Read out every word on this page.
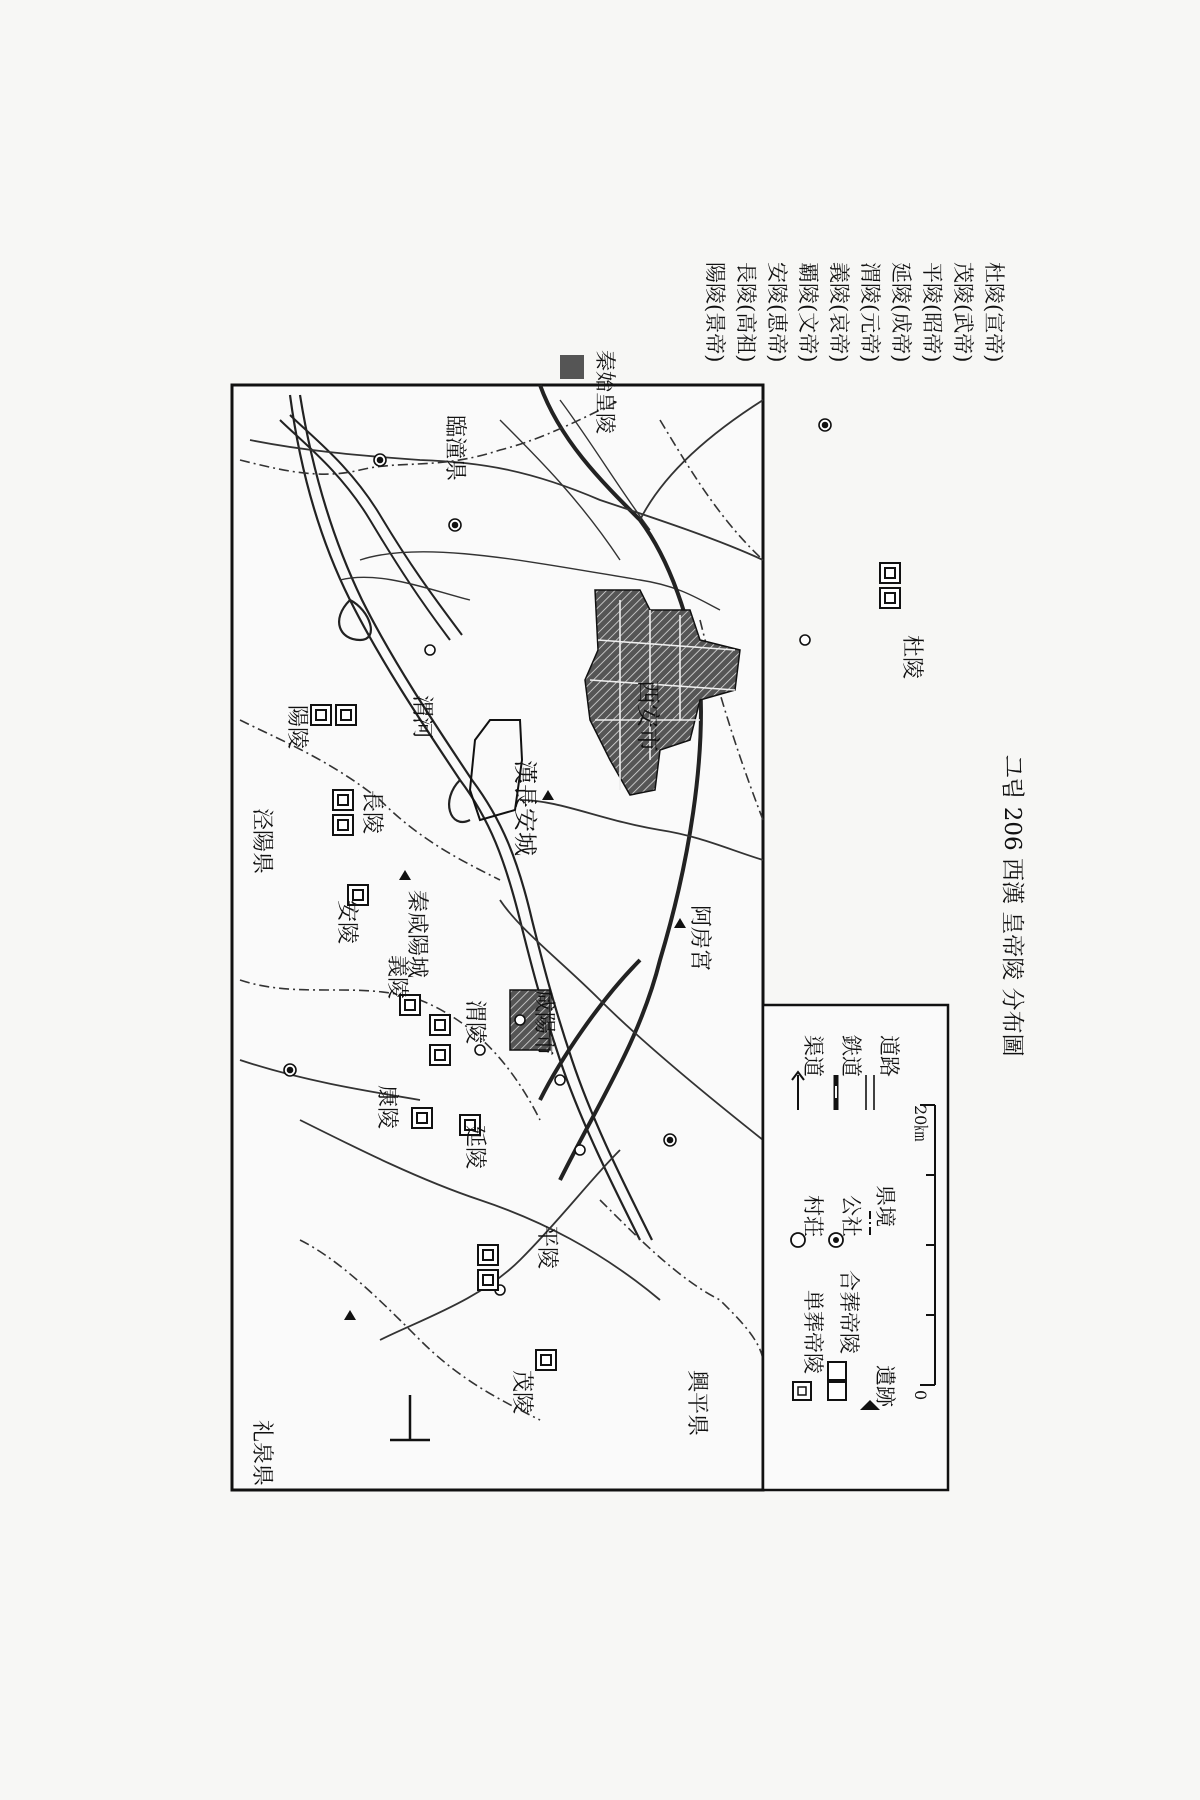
泾陽県
臨潼県
礼泉県
興平県
渭河
漢長安城
西安市
秦咸陽城
咸陽市
阿房宮
陽陵
長陵
安陵
義陵
渭陵
康陵
延陵
平陵
茂陵
杜陵
単葬帝陵 合葬帝陵
遺跡
村荘 公社 県境
渠道 鉄道 道路
0
20㎞
秦始皇陵
陽陵(景帝) 長陵(高祖) 安陵(恵帝) 覇陵(文帝) 義陵(哀帝) 渭陵(元帝) 延陵(成帝) 平陵(昭帝) 茂陵(武帝) 杜陵(宣帝)
그림 206 西漢 皇帝陵 分布圖
